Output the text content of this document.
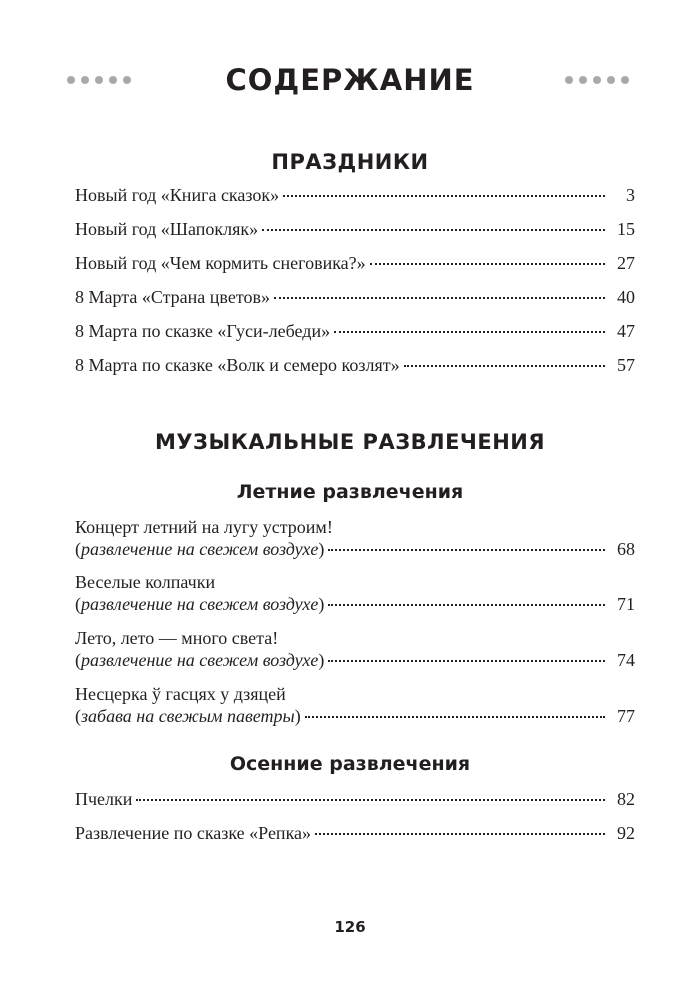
СОДЕРЖАНИЕ
ПРАЗДНИКИ
Новый год «Книга сказок»	3
Новый год «Шапокляк»	15
Новый год «Чем кормить снеговика?»	27
8 Марта «Страна цветов»	40
8 Марта по сказке «Гуси-лебеди»	47
8 Марта по сказке «Волк и семеро козлят»	57
МУЗЫКАЛЬНЫЕ РАЗВЛЕЧЕНИЯ
Летние развлечения
Концерт летний на лугу устроим!
(развлечение на свежем воздухе)	68
Веселые колпачки
(развлечение на свежем воздухе)	71
Лето, лето — много света!
(развлечение на свежем воздухе)	74
Несцерка ў гасцях у дзяцей
(забава на свежым паветры)	77
Осенние развлечения
Пчелки	82
Развлечение по сказке «Репка»	92
126
